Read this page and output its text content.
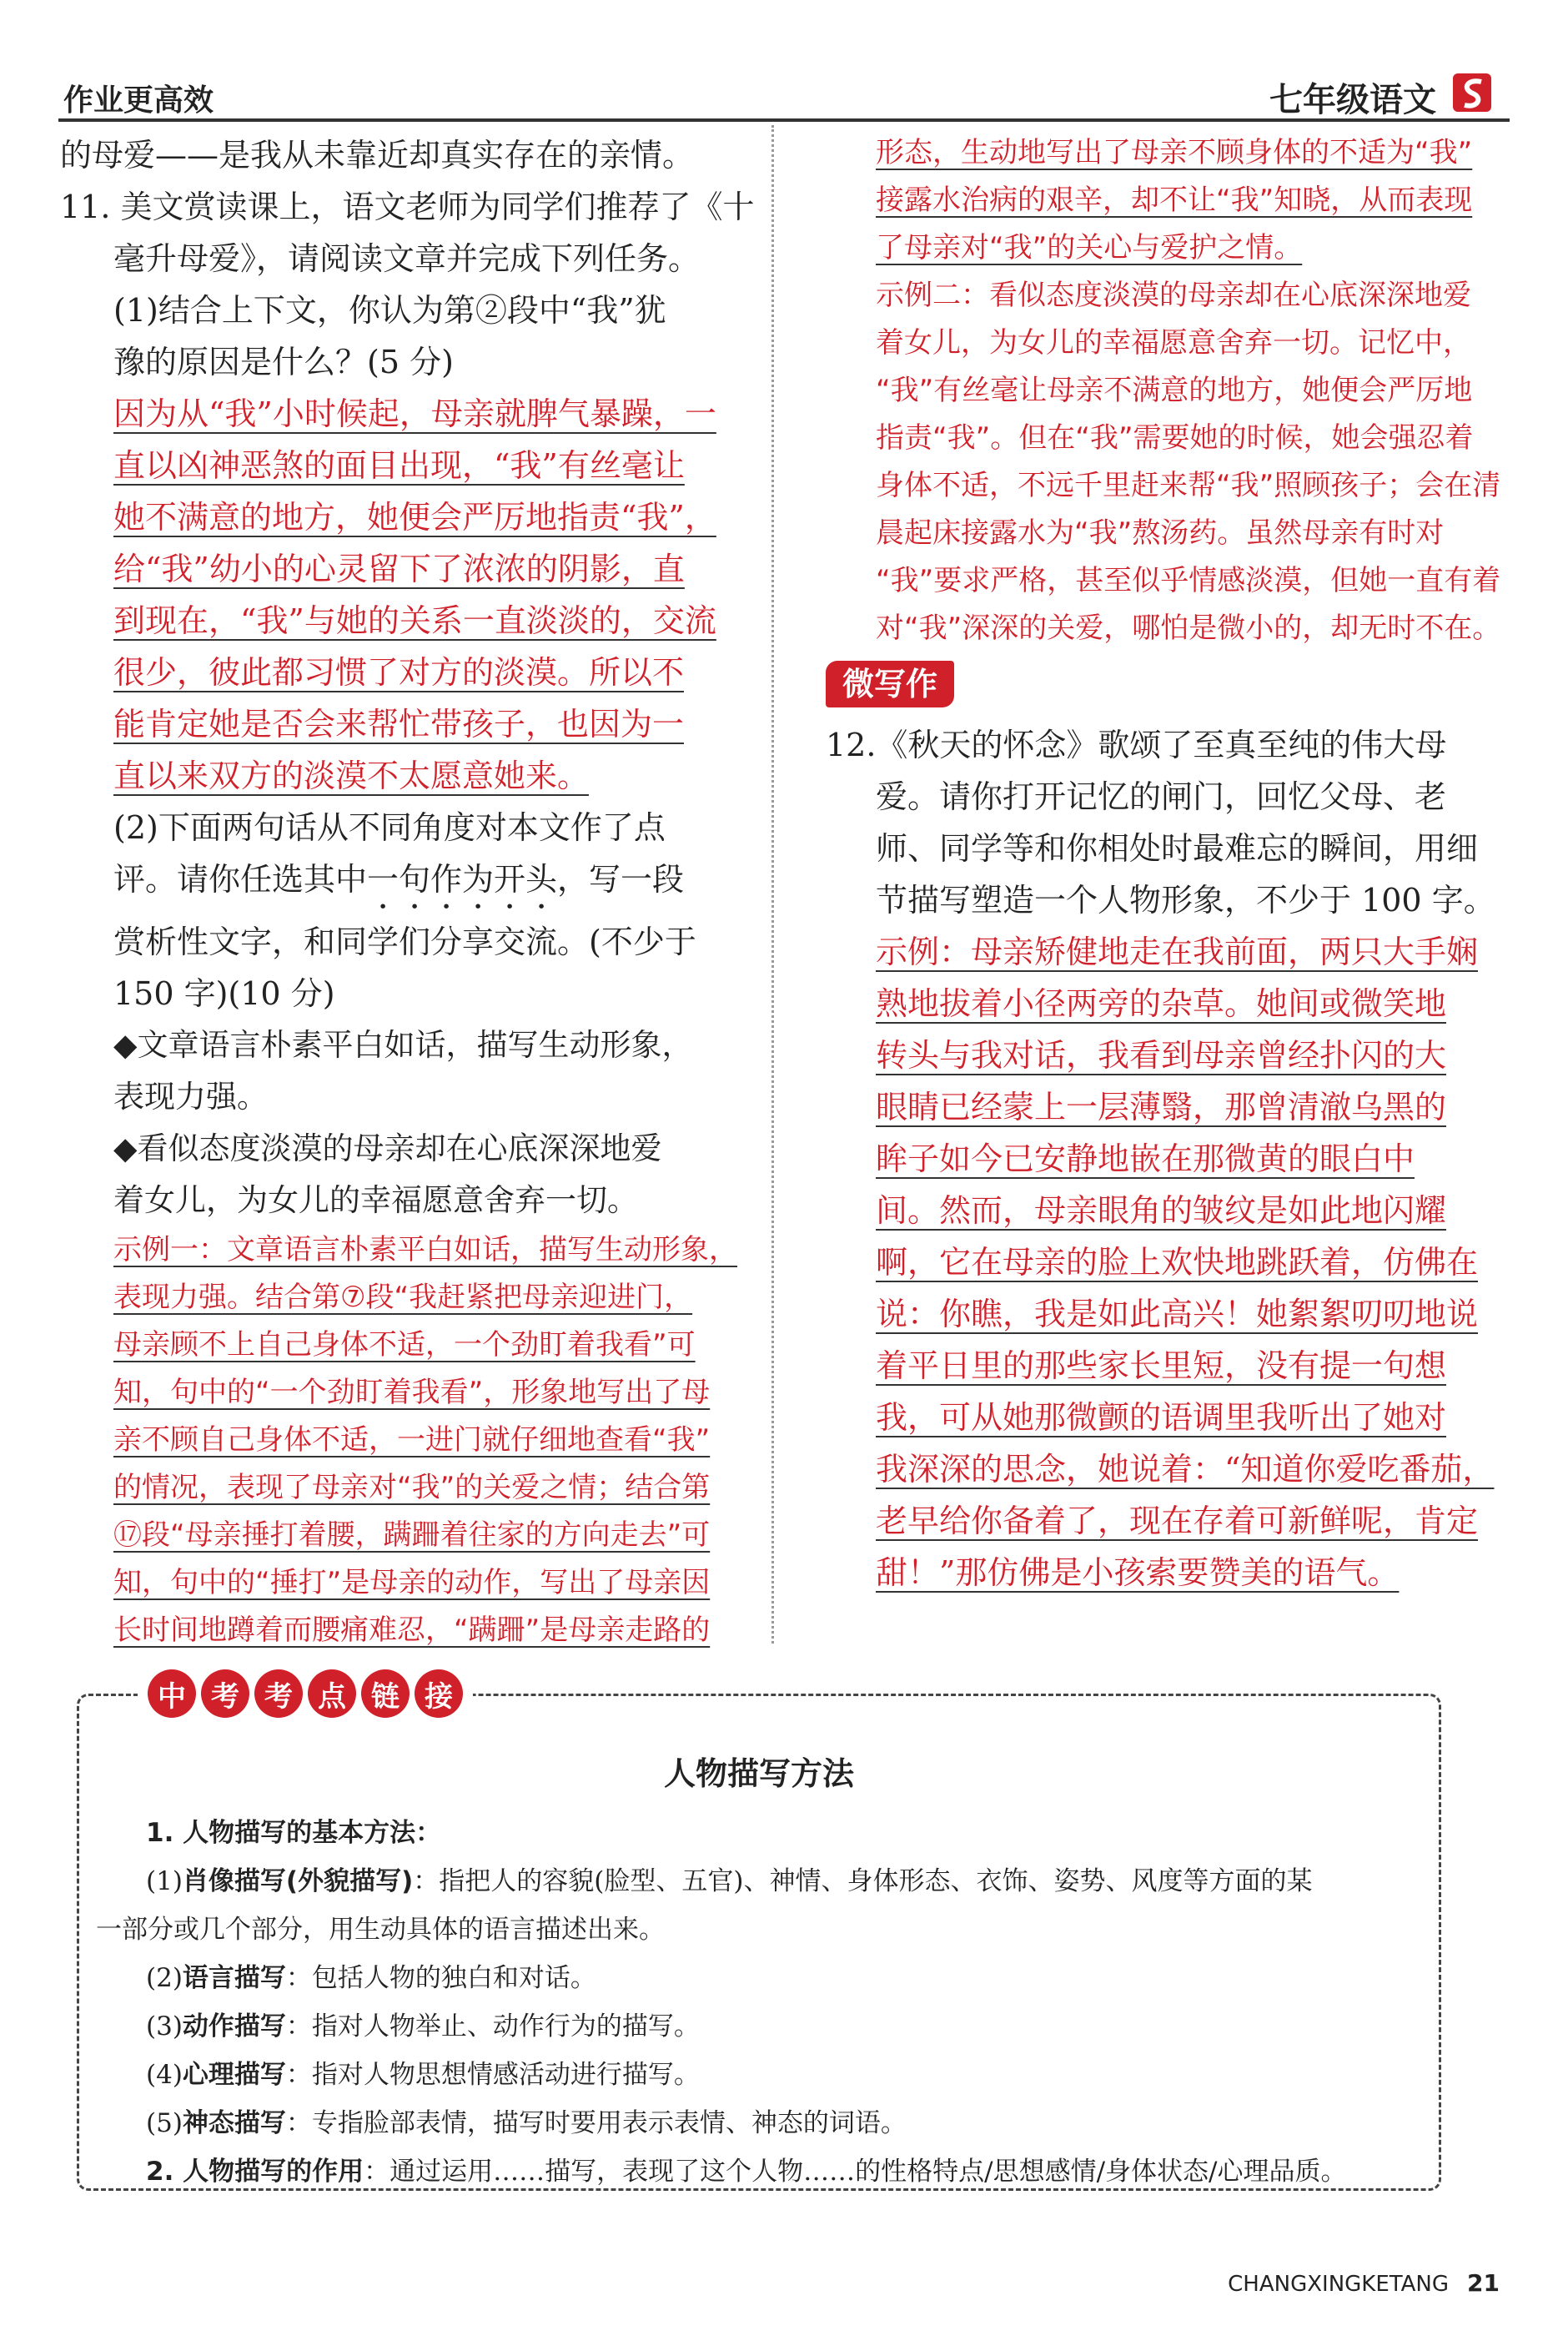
作业更高效	七年级语文
的母爱——是我从未靠近却真实存在的亲情。
11. 美文赏读课上，语文老师为同学们推荐了《十
毫升母爱》，请阅读文章并完成下列任务。
(1)结合上下文，你认为第②段中“我”犹
豫的原因是什么？(5 分)
因为从“我”小时候起，母亲就脾气暴躁，一
直以凶神恶煞的面目出现，“我”有丝毫让
她不满意的地方，她便会严厉地指责“我”，
给“我”幼小的心灵留下了浓浓的阴影，直
到现在，“我”与她的关系一直淡淡的，交流
很少，彼此都习惯了对方的淡漠。所以不
能肯定她是否会来帮忙带孩子，也因为一
直以来双方的淡漠不太愿意她来。
(2)下面两句话从不同角度对本文作了点
评。请你任选其中一句作为开头，写一段
赏析性文字，和同学们分享交流。(不少于
150 字)(10 分)
◆文章语言朴素平白如话，描写生动形象，
表现力强。
◆看似态度淡漠的母亲却在心底深深地爱
着女儿，为女儿的幸福愿意舍弃一切。
示例一：文章语言朴素平白如话，描写生动形象，
表现力强。结合第⑦段“我赶紧把母亲迎进门，
母亲顾不上自己身体不适，一个劲盯着我看”可
知，句中的“一个劲盯着我看”，形象地写出了母
亲不顾自己身体不适，一进门就仔细地查看“我”
的情况，表现了母亲对“我”的关爱之情；结合第
⑰段“母亲捶打着腰，蹒跚着往家的方向走去”可
知，句中的“捶打”是母亲的动作，写出了母亲因
长时间地蹲着而腰痛难忍，“蹒跚”是母亲走路的
形态，生动地写出了母亲不顾身体的不适为“我”
接露水治病的艰辛，却不让“我”知晓，从而表现
了母亲对“我”的关心与爱护之情。
示例二：看似态度淡漠的母亲却在心底深深地爱
着女儿，为女儿的幸福愿意舍弃一切。记忆中，
“我”有丝毫让母亲不满意的地方，她便会严厉地
指责“我”。但在“我”需要她的时候，她会强忍着
身体不适，不远千里赶来帮“我”照顾孩子；会在清
晨起床接露水为“我”熬汤药。虽然母亲有时对
“我”要求严格，甚至似乎情感淡漠，但她一直有着
对“我”深深的关爱，哪怕是微小的，却无时不在。
微写作
12.《秋天的怀念》歌颂了至真至纯的伟大母
爱。请你打开记忆的闸门，回忆父母、老
师、同学等和你相处时最难忘的瞬间，用细
节描写塑造一个人物形象，不少于 100 字。
示例：母亲矫健地走在我前面，两只大手娴
熟地拔着小径两旁的杂草。她间或微笑地
转头与我对话，我看到母亲曾经扑闪的大
眼睛已经蒙上一层薄翳，那曾清澈乌黑的
眸子如今已安静地嵌在那微黄的眼白中
间。然而，母亲眼角的皱纹是如此地闪耀
啊，它在母亲的脸上欢快地跳跃着，仿佛在
说：你瞧，我是如此高兴！她絮絮叨叨地说
着平日里的那些家长里短，没有提一句想
我，可从她那微颤的语调里我听出了她对
我深深的思念，她说着：“知道你爱吃番茄，
老早给你备着了，现在存着可新鲜呢，肯定
甜！”那仿佛是小孩索要赞美的语气。
中 考 考 点 链 接
人物描写方法
1. 人物描写的基本方法：
(1)肖像描写(外貌描写)：指把人的容貌(脸型、五官)、神情、身体形态、衣饰、姿势、风度等方面的某
一部分或几个部分，用生动具体的语言描述出来。
(2)语言描写：包括人物的独白和对话。
(3)动作描写：指对人物举止、动作行为的描写。
(4)心理描写：指对人物思想情感活动进行描写。
(5)神态描写：专指脸部表情，描写时要用表示表情、神态的词语。
2. 人物描写的作用：通过运用……描写，表现了这个人物……的性格特点/思想感情/身体状态/心理品质。
CHANGXINGKETANG 21
